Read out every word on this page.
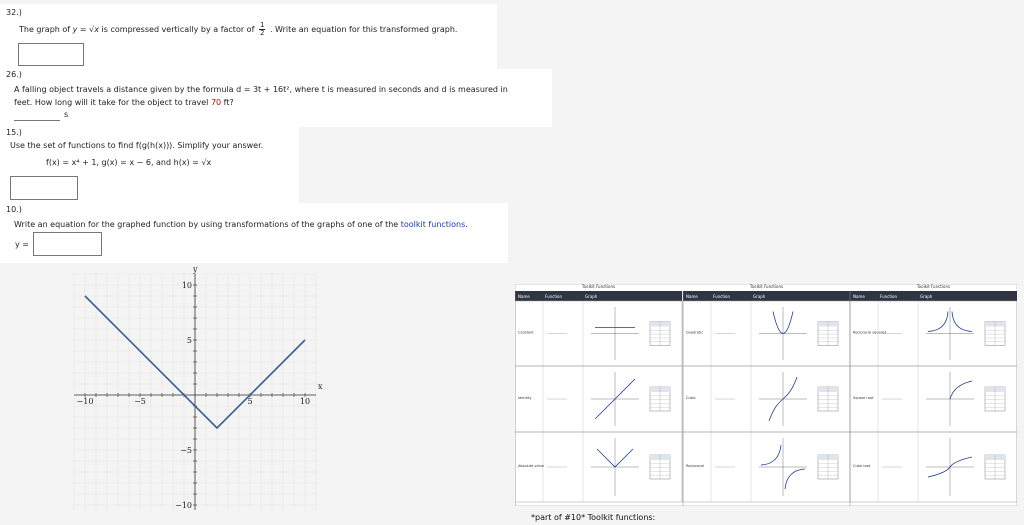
32.)
The graph of y = √x is compressed vertically by a factor of $\frac{1}{2}$ . Write an equation for this transformed graph.
26.)
A falling object travels a distance given by the formula d = 3t + 16t², where t is measured in seconds and d is measured in
feet. How long will it take for the object to travel 70 ft?
s
15.)
Use the set of functions to find f(g(h(x))). Simplify your answer.
f(x) = x⁴ + 1, g(x) = x − 6, and h(x) = √x
10.)
Write an equation for the graphed function by using transformations of the graphs of one of the toolkit functions.
y =
−10	−5	5	10
10
5
−5
−10
x
y
Toolkit Functions
Name	Function	Graph
Constant
Identity
Absolute value
Toolkit Functions
Name	Function	Graph
Quadratic
Cubic
Reciprocal
Toolkit Functions
Name	Function	Graph
Reciprocal squared
Square root
Cube root
*part of #10* Toolkit functions:
